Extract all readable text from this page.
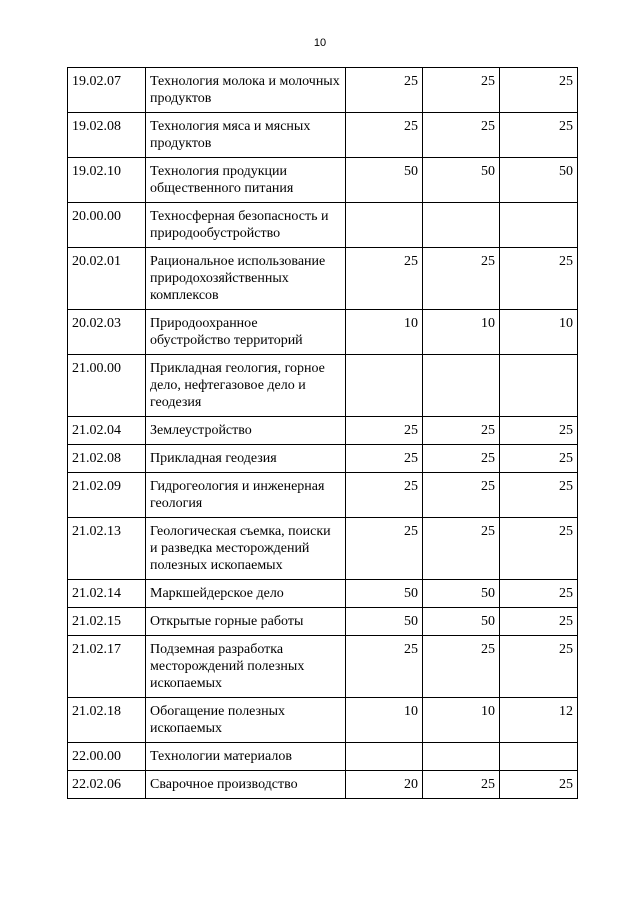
10
19.02.07	Технология молока и молочных продуктов	25	25	25
19.02.08	Технология мяса и мясных продуктов	25	25	25
19.02.10	Технология продукции общественного питания	50	50	50
20.00.00	Техносферная безопасность и природообустройство			
20.02.01	Рациональное использование природохозяйственных комплексов	25	25	25
20.02.03	Природоохранное обустройство территорий	10	10	10
21.00.00	Прикладная геология, горное дело, нефтегазовое дело и геодезия			
21.02.04	Землеустройство	25	25	25
21.02.08	Прикладная геодезия	25	25	25
21.02.09	Гидрогеология и инженерная геология	25	25	25
21.02.13	Геологическая съемка, поиски и разведка месторождений полезных ископаемых	25	25	25
21.02.14	Маркшейдерское дело	50	50	25
21.02.15	Открытые горные работы	50	50	25
21.02.17	Подземная разработка месторождений полезных ископаемых	25	25	25
21.02.18	Обогащение полезных ископаемых	10	10	12
22.00.00	Технологии материалов			
22.02.06	Сварочное производство	20	25	25
